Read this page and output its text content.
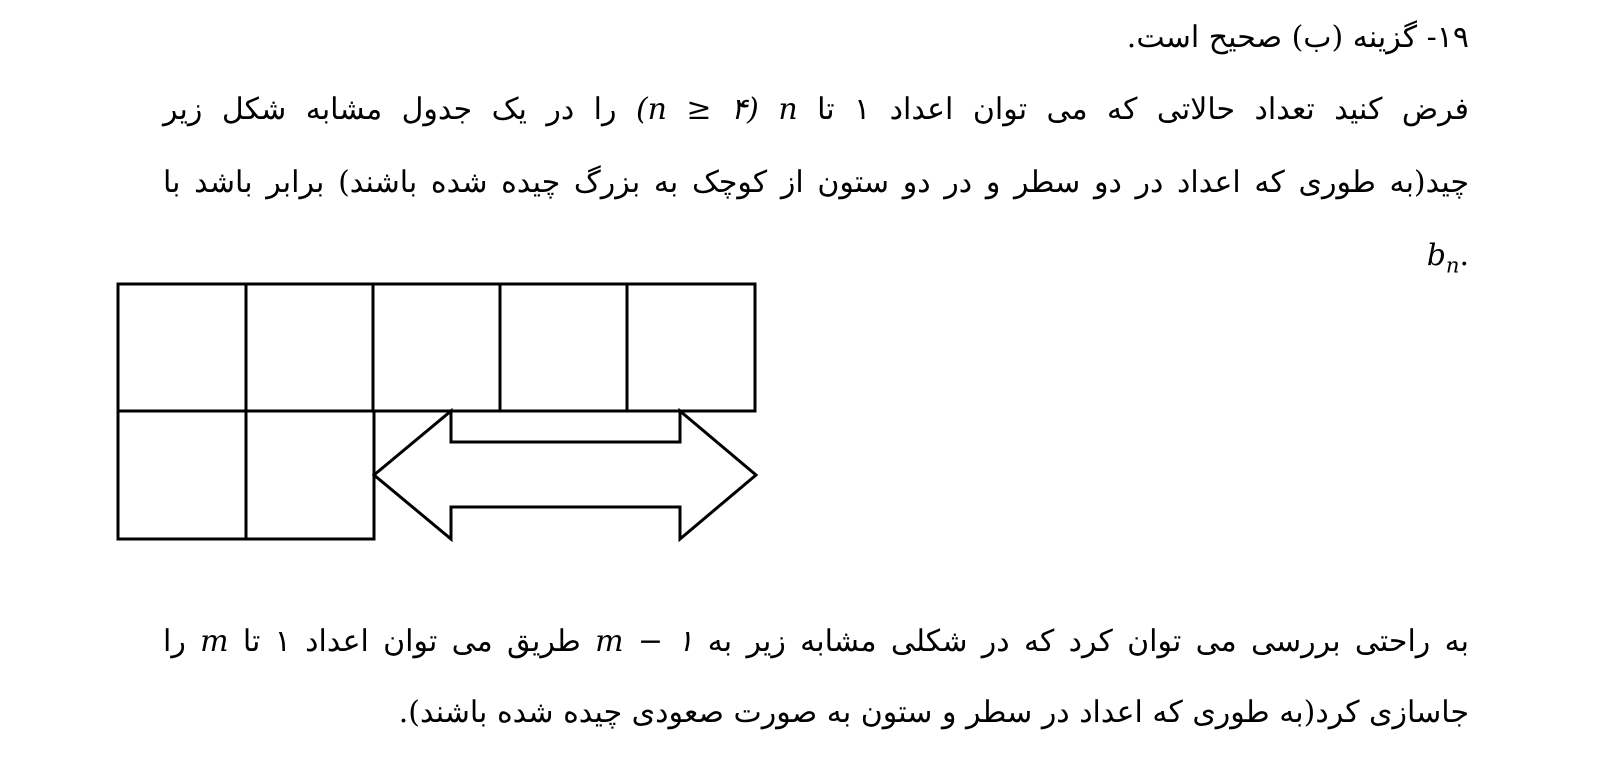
۱۹- گزینه (ب) صحیح است.
فرض کنید تعداد حالاتی که می توان اعداد ۱ تا n (n ≥ ۴) را در یک جدول مشابه شکل زیر
چید(به طوری که اعداد در دو سطر و در دو ستون از کوچک به بزرگ چیده شده باشند) برابر باشد با
$.b_n$
به راحتی بررسی می توان کرد که در شکلی مشابه زیر به m − ۱ طریق می توان اعداد ۱ تا m را
جاسازی کرد(به طوری که اعداد در سطر و ستون به صورت صعودی چیده شده باشند).
